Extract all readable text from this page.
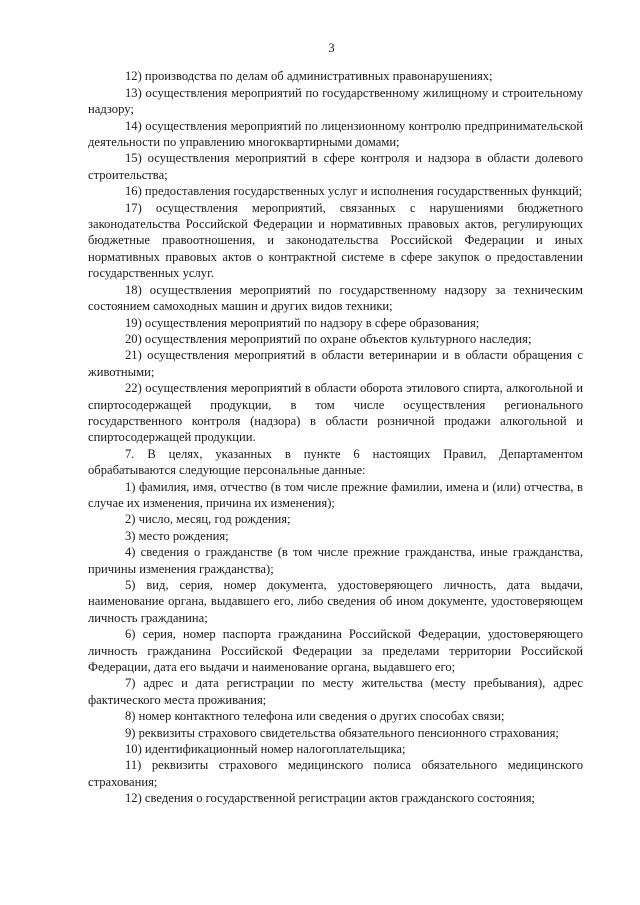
3

12) производства по делам об административных правонарушениях;

13) осуществления мероприятий по государственному жилищному и строительному надзору;

14) осуществления мероприятий по лицензионному контролю предпринимательской деятельности по управлению многоквартирными домами;

15) осуществления мероприятий в сфере контроля и надзора в области долевого строительства;

16) предоставления государственных услуг и исполнения государственных функций;

17) осуществления мероприятий, связанных с нарушениями бюджетного законодательства Российской Федерации и нормативных правовых актов, регулирующих бюджетные правоотношения, и законодательства Российской Федерации и иных нормативных правовых актов о контрактной системе в сфере закупок о предоставлении государственных услуг.

18) осуществления мероприятий по государственному надзору за техническим состоянием самоходных машин и других видов техники;

19) осуществления мероприятий по надзору в сфере образования;

20) осуществления мероприятий по охране объектов культурного наследия;

21) осуществления мероприятий в области ветеринарии и в области обращения с животными;

22) осуществления мероприятий в области оборота этилового спирта, алкогольной и спиртосодержащей продукции, в том числе осуществления регионального государственного контроля (надзора) в области розничной продажи алкогольной и спиртосодержащей продукции.

7. В целях, указанных в пункте 6 настоящих Правил, Департаментом обрабатываются следующие персональные данные:

1) фамилия, имя, отчество (в том числе прежние фамилии, имена и (или) отчества, в случае их изменения, причина их изменения);

2) число, месяц, год рождения;

3) место рождения;

4) сведения о гражданстве (в том числе прежние гражданства, иные гражданства, причины изменения гражданства);

5) вид, серия, номер документа, удостоверяющего личность, дата выдачи, наименование органа, выдавшего его, либо сведения об ином документе, удостоверяющем личность гражданина;

6) серия, номер паспорта гражданина Российской Федерации, удостоверяющего личность гражданина Российской Федерации за пределами территории Российской Федерации, дата его выдачи и наименование органа, выдавшего его;

7) адрес и дата регистрации по месту жительства (месту пребывания), адрес фактического места проживания;

8) номер контактного телефона или сведения о других способах связи;

9) реквизиты страхового свидетельства обязательного пенсионного страхования;

10) идентификационный номер налогоплательщика;

11) реквизиты страхового медицинского полиса обязательного медицинского страхования;

12) сведения о государственной регистрации актов гражданского состояния;
